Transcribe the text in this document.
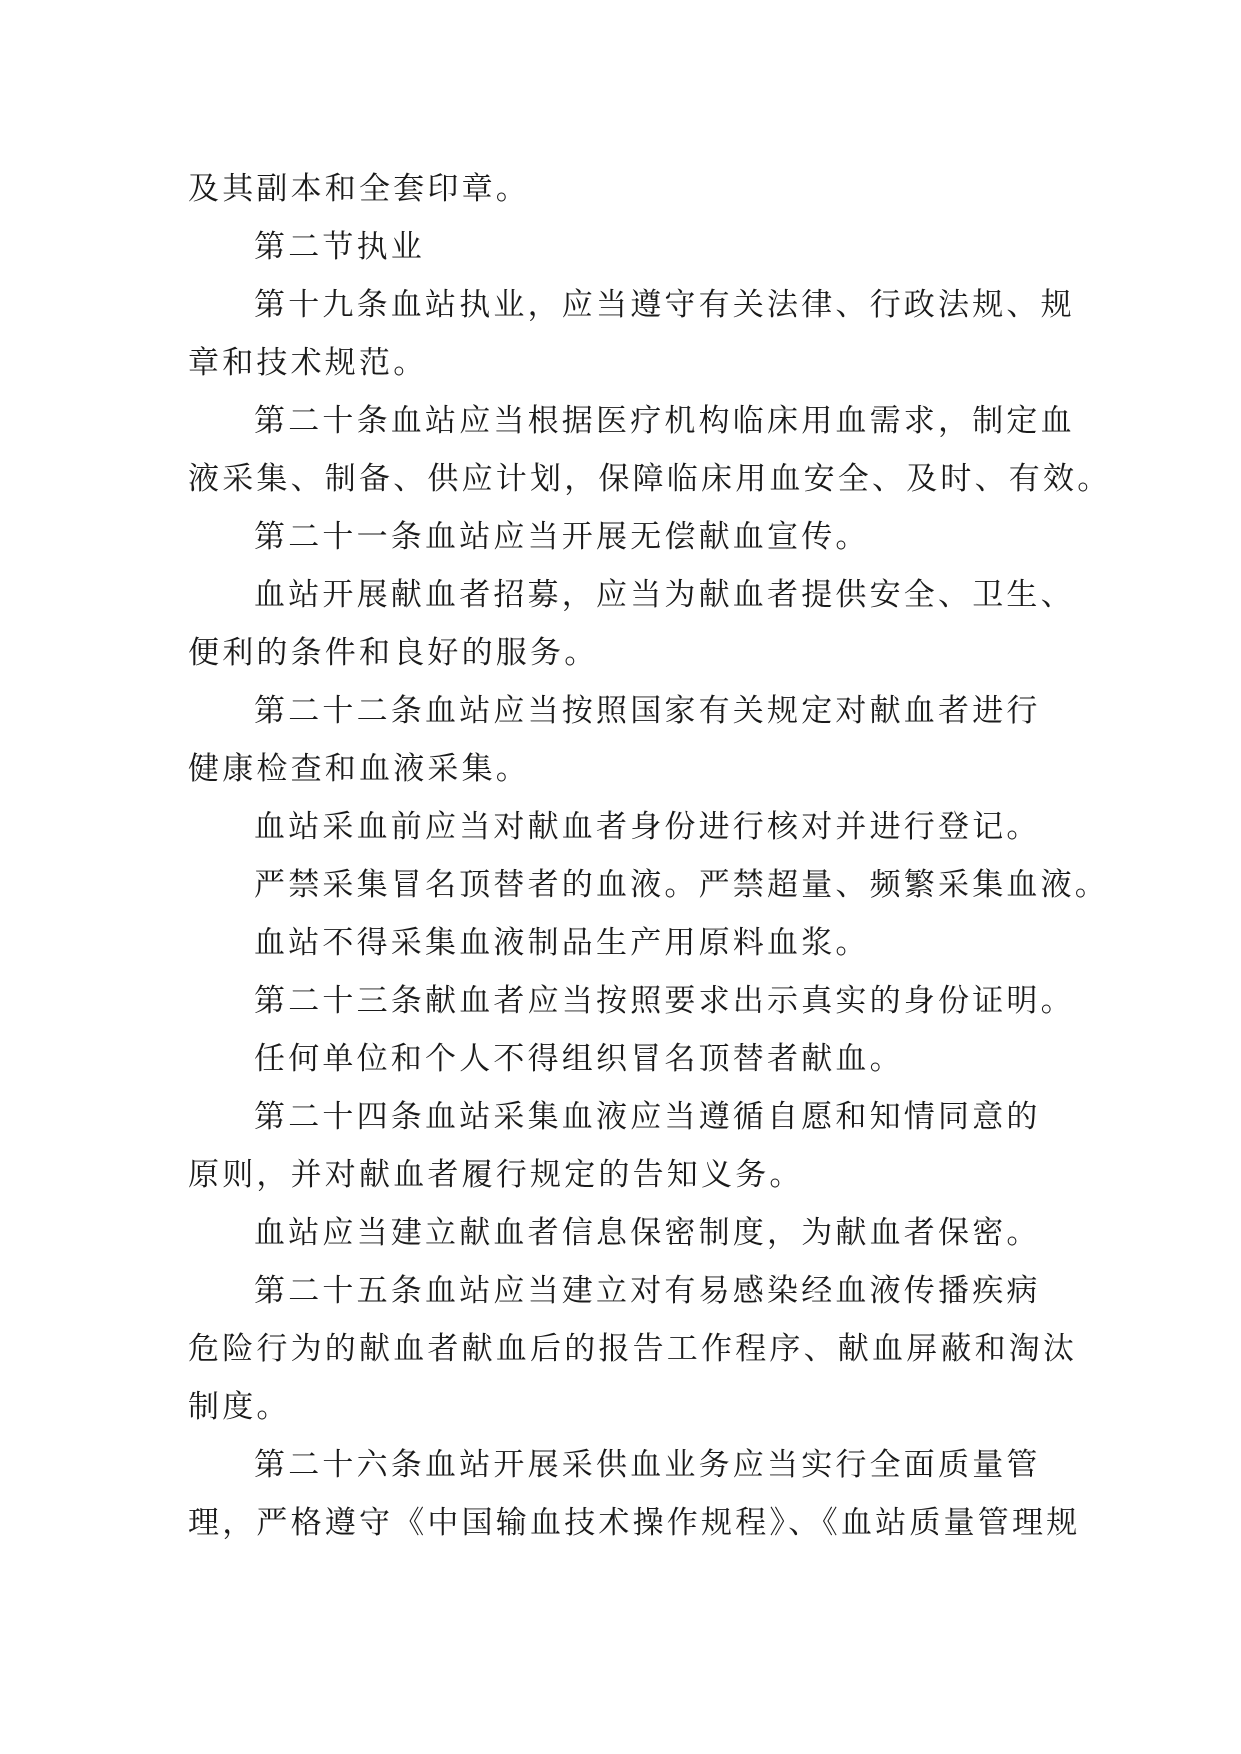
及其副本和全套印章。
第二节执业
第十九条血站执业，应当遵守有关法律、行政法规、规
章和技术规范。
第二十条血站应当根据医疗机构临床用血需求，制定血
液采集、制备、供应计划，保障临床用血安全、及时、有效。
第二十一条血站应当开展无偿献血宣传。
血站开展献血者招募，应当为献血者提供安全、卫生、
便利的条件和良好的服务。
第二十二条血站应当按照国家有关规定对献血者进行
健康检查和血液采集。
血站采血前应当对献血者身份进行核对并进行登记。
严禁采集冒名顶替者的血液。严禁超量、频繁采集血液。
血站不得采集血液制品生产用原料血浆。
第二十三条献血者应当按照要求出示真实的身份证明。
任何单位和个人不得组织冒名顶替者献血。
第二十四条血站采集血液应当遵循自愿和知情同意的
原则，并对献血者履行规定的告知义务。
血站应当建立献血者信息保密制度，为献血者保密。
第二十五条血站应当建立对有易感染经血液传播疾病
危险行为的献血者献血后的报告工作程序、献血屏蔽和淘汰
制度。
第二十六条血站开展采供血业务应当实行全面质量管
理，严格遵守《中国输血技术操作规程》、《血站质量管理规
